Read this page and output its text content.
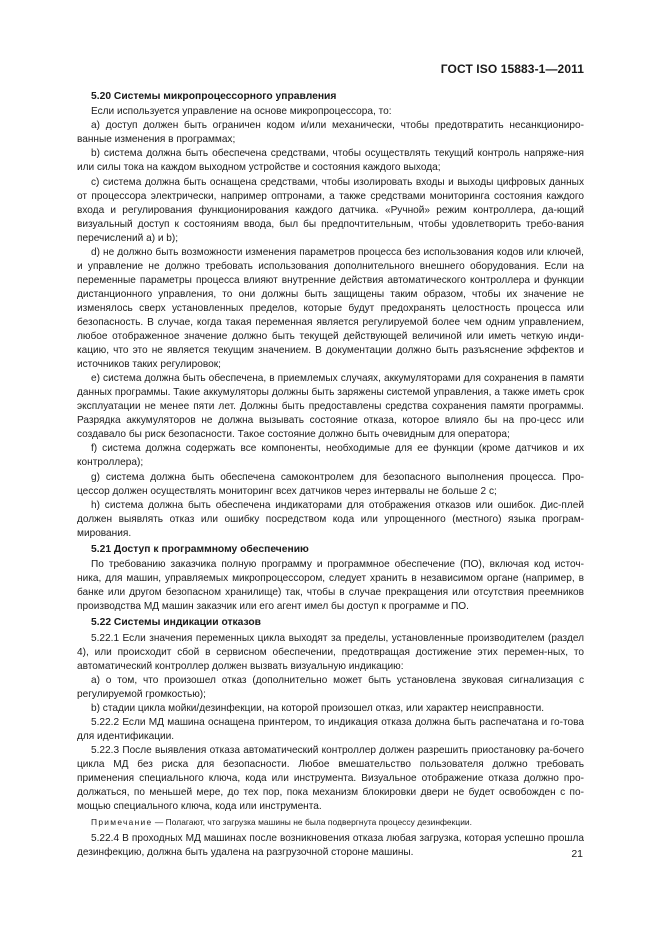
ГОСТ ISO 15883-1—2011
5.20 Системы микропроцессорного управления

Если используется управление на основе микропроцессора, то:

a) доступ должен быть ограничен кодом и/или механически, чтобы предотвратить несанкциониро-ванные изменения в программах;

b) система должна быть обеспечена средствами, чтобы осуществлять текущий контроль напряже-ния или силы тока на каждом выходном устройстве и состояния каждого выхода;

c) система должна быть оснащена средствами, чтобы изолировать входы и выходы цифровых данных от процессора электрически, например оптронами, а также средствами мониторинга состояния каждого входа и регулирования функционирования каждого датчика. «Ручной» режим контроллера, да-ющий визуальный доступ к состояниям ввода, был бы предпочтительным, чтобы удовлетворить требо-вания перечислений a) и b);

d) не должно быть возможности изменения параметров процесса без использования кодов или ключей, и управление не должно требовать использования дополнительного внешнего оборудования. Если на переменные параметры процесса влияют внутренние действия автоматического контроллера и функции дистанционного управления, то они должны быть защищены таким образом, чтобы их значение не изменялось сверх установленных пределов, которые будут предохранять целостность процесса или безопасность. В случае, когда такая переменная является регулируемой более чем одним управлением, любое отображенное значение должно быть текущей действующей величиной или иметь четкую инди-кацию, что это не является текущим значением. В документации должно быть разъяснение эффектов и источников таких регулировок;

e) система должна быть обеспечена, в приемлемых случаях, аккумуляторами для сохранения в памяти данных программы. Такие аккумуляторы должны быть заряжены системой управления, а также иметь срок эксплуатации не менее пяти лет. Должны быть предоставлены средства сохранения памяти программы. Разрядка аккумуляторов не должна вызывать состояние отказа, которое влияло бы на про-цесс или создавало бы риск безопасности. Такое состояние должно быть очевидным для оператора;

f) система должна содержать все компоненты, необходимые для ее функции (кроме датчиков и их контроллера);

g) система должна быть обеспечена самоконтролем для безопасного выполнения процесса. Про-цессор должен осуществлять мониторинг всех датчиков через интервалы не больше 2 с;

h) система должна быть обеспечена индикаторами для отображения отказов или ошибок. Дис-плей должен выявлять отказ или ошибку посредством кода или упрощенного (местного) языка програм-мирования.

5.21 Доступ к программному обеспечению

По требованию заказчика полную программу и программное обеспечение (ПО), включая код источ-ника, для машин, управляемых микропроцессором, следует хранить в независимом органе (например, в банке или другом безопасном хранилище) так, чтобы в случае прекращения или отсутствия преемников производства МД машин заказчик или его агент имел бы доступ к программе и ПО.

5.22 Системы индикации отказов

5.22.1 Если значения переменных цикла выходят за пределы, установленные производителем (раздел 4), или происходит сбой в сервисном обеспечении, предотвращая достижение этих перемен-ных, то автоматический контроллер должен вызвать визуальную индикацию:

a) о том, что произошел отказ (дополнительно может быть установлена звуковая сигнализация с регулируемой громкостью);

b) стадии цикла мойки/дезинфекции, на которой произошел отказ, или характер неисправности.

5.22.2 Если МД машина оснащена принтером, то индикация отказа должна быть распечатана и го-това для идентификации.

5.22.3 После выявления отказа автоматический контроллер должен разрешить приостановку ра-бочего цикла МД без риска для безопасности. Любое вмешательство пользователя должно требовать применения специального ключа, кода или инструмента. Визуальное отображение отказа должно про-должаться, по меньшей мере, до тех пор, пока механизм блокировки двери не будет освобожден с по-мощью специального ключа, кода или инструмента.

Примечание — Полагают, что загрузка машины не была подвергнута процессу дезинфекции.

5.22.4 В проходных МД машинах после возникновения отказа любая загрузка, которая успешно прошла дезинфекцию, должна быть удалена на разгрузочной стороне машины.	21
